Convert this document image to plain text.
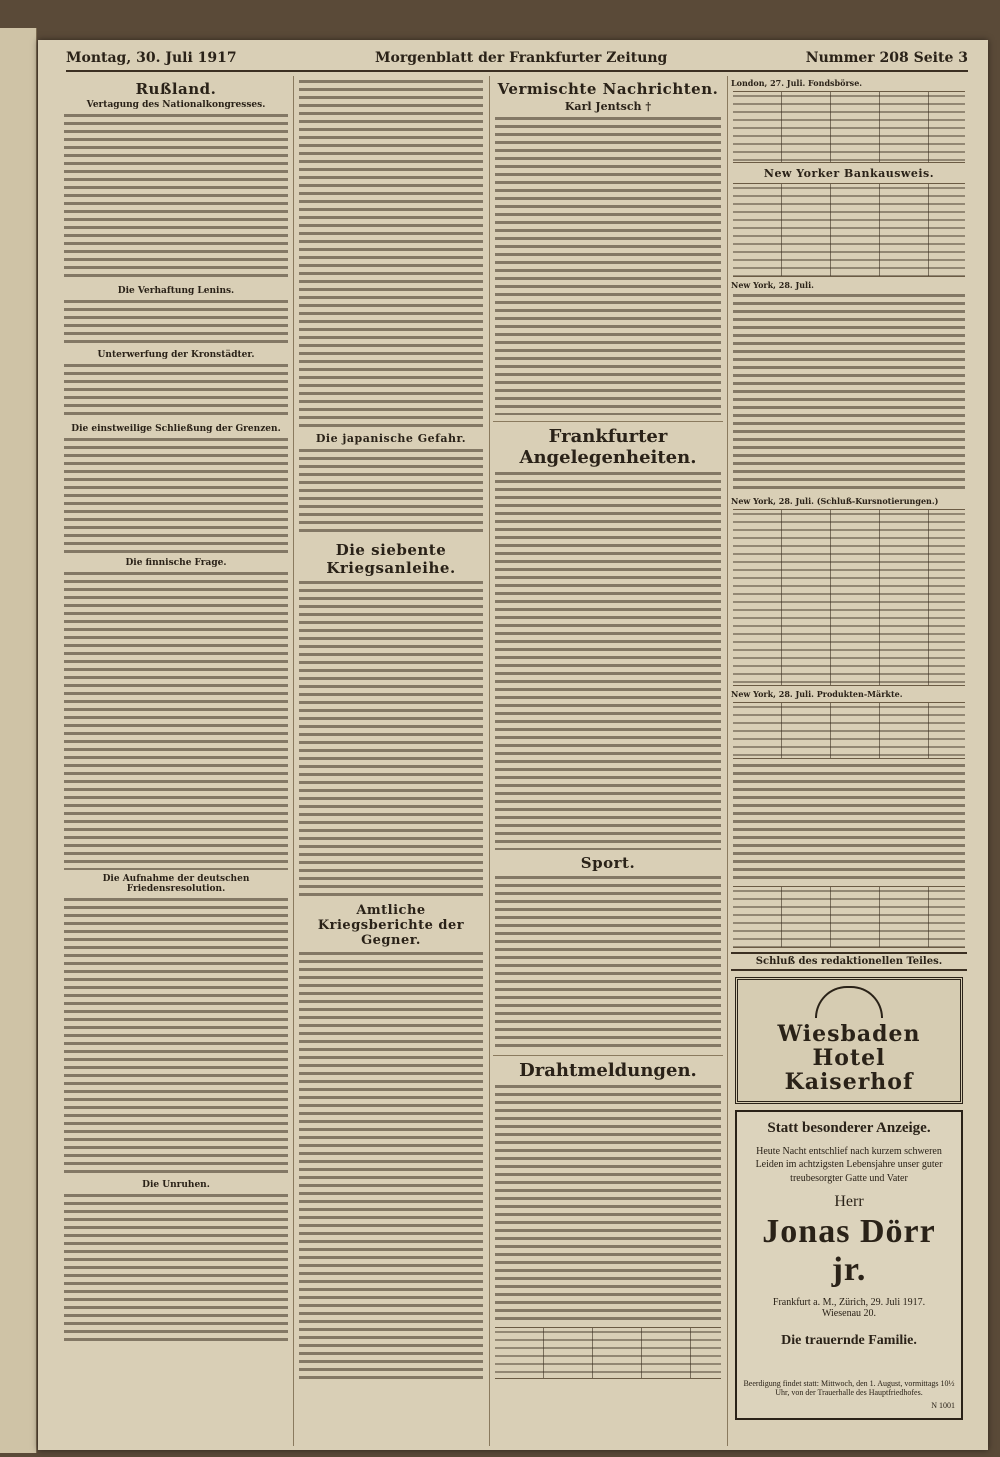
Montag, 30. Juli 1917	Morgenblatt der Frankfurter Zeitung	Nummer 208 Seite 3
Rußland.
Vertagung des Nationalkongresses.
Die Verhaftung Lenins.
Unterwerfung der Kronstädter.
Die einstweilige Schließung der Grenzen.
Die finnische Frage.
Die Aufnahme der deutschen Friedensresolution.
Die Unruhen.
Die japanische Gefahr.
Die siebente Kriegsanleihe.
Amtliche Kriegsberichte der Gegner.
Vermischte Nachrichten.
Karl Jentsch †
Frankfurter Angelegenheiten.
Sport.
Drahtmeldungen.
London, 27. Juli. Fondsbörse.
New Yorker Bankausweis.
New York, 28. Juli.
New York, 28. Juli. (Schluß-Kursnotierungen.)
New York, 28. Juli. Produkten-Märkte.
Schluß des redaktionellen Teiles.
Wiesbaden
Hotel Kaiserhof
Statt besonderer Anzeige.
Heute Nacht entschlief nach kurzem schweren Leiden im achtzigsten Lebensjahre unser guter treubesorgter Gatte und Vater
Herr
Jonas Dörr jr.
Frankfurt a. M., Zürich, 29. Juli 1917.
Wiesenau 20.
Die trauernde Familie.
Beerdigung findet statt: Mittwoch, den 1. August, vormittags 10½ Uhr, von der Trauerhalle des Hauptfriedhofes.
N 1001
